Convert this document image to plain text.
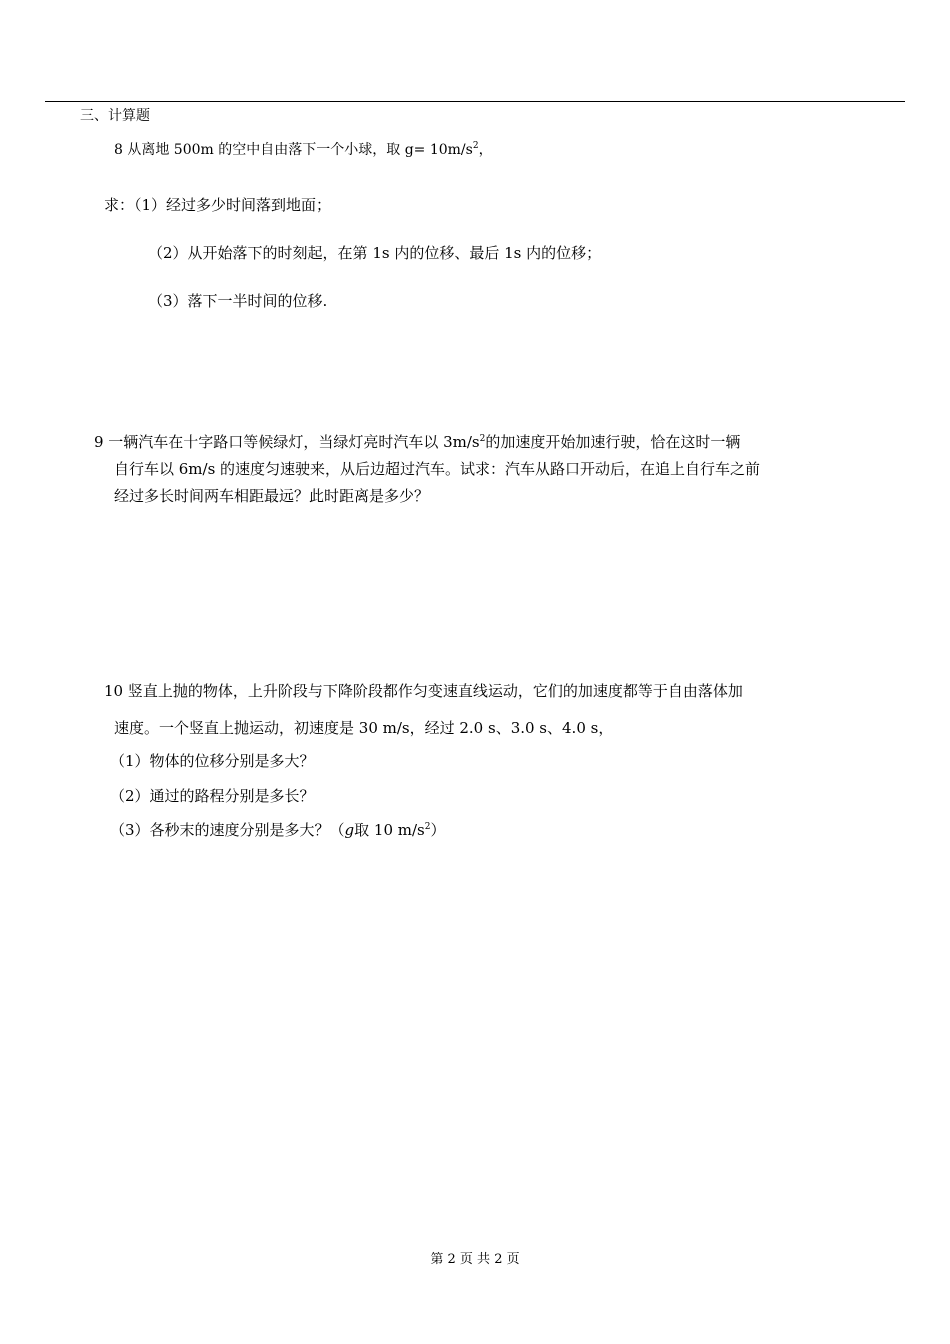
三、计算题
8 从离地 500m 的空中自由落下一个小球，取 $g= 10m/s^2$，
求：（1）经过多少时间落到地面；
（2）从开始落下的时刻起，在第 1s 内的位移、最后 1s 内的位移；
（3）落下一半时间的位移.
9 一辆汽车在十字路口等候绿灯，当绿灯亮时汽车以 $3m/s^2$的加速度开始加速行驶，恰在这时一辆
自行车以 6m/s 的速度匀速驶来，从后边超过汽车。试求：汽车从路口开动后，在追上自行车之前
经过多长时间两车相距最远？此时距离是多少？
10 竖直上抛的物体，上升阶段与下降阶段都作匀变速直线运动，它们的加速度都等于自由落体加
速度。一个竖直上抛运动，初速度是 30 m/s，经过 2.0 s、3.0 s、4.0 s，
（1）物体的位移分别是多大？
（2）通过的路程分别是多长？
（3）各秒末的速度分别是多大？（g取 10 $m/s^2$）
第 2 页 共 2 页
